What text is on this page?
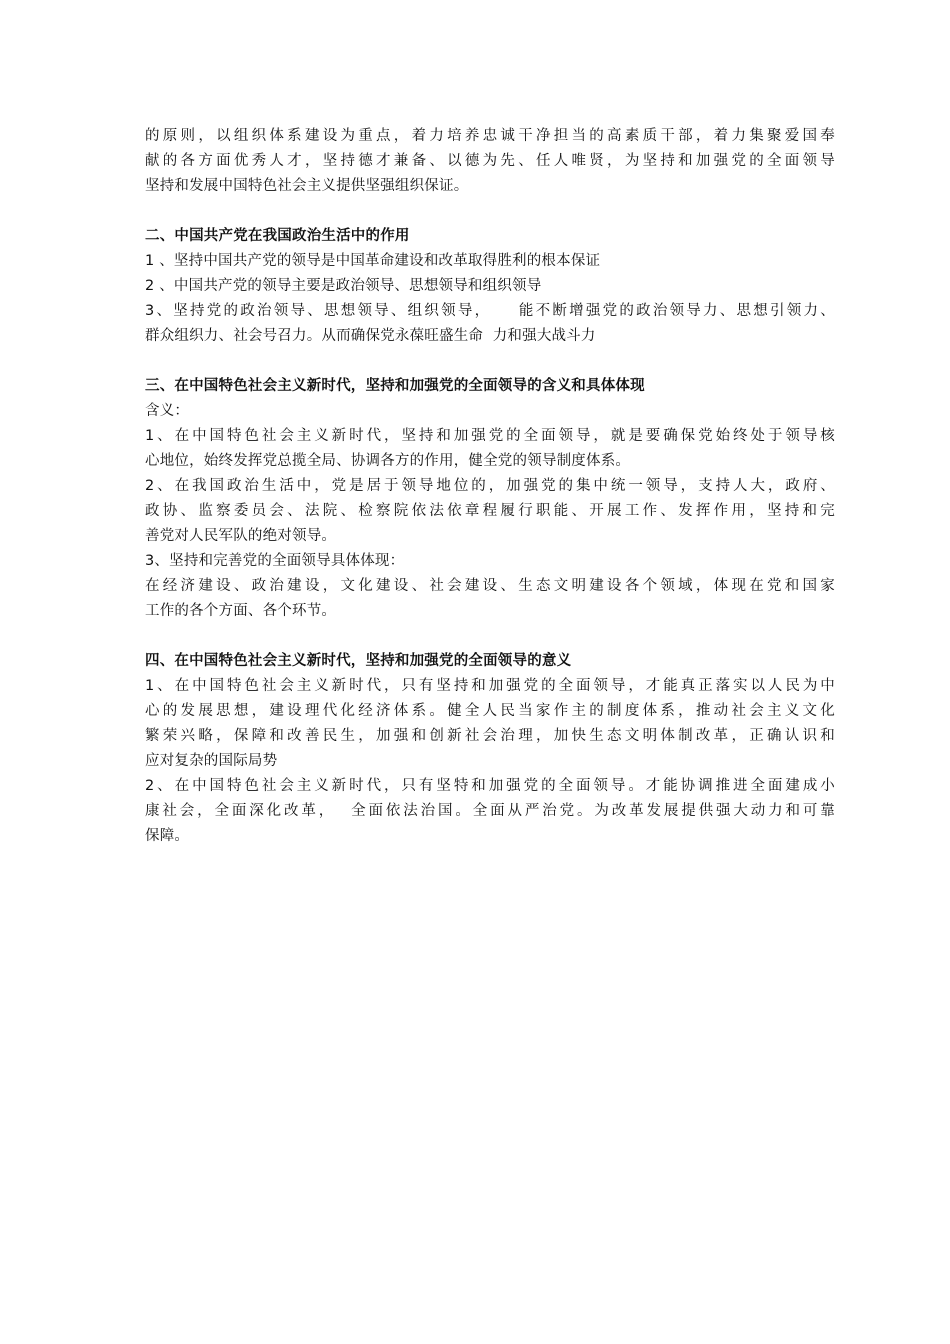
的原则，以组织体系建设为重点，着力培养忠诚干净担当的高素质干部，着力集聚爱国奉
献的各方面优秀人才，坚持德才兼备、以德为先、任人唯贤，为坚持和加强党的全面领导
坚持和发展中国特色社会主义提供坚强组织保证。
二、中国共产党在我国政治生活中的作用
1 、坚持中国共产党的领导是中国革命建设和改革取得胜利的根本保证
2 、中国共产党的领导主要是政治领导、思想领导和组织领导
3、坚持党的政治领导、思想领导、组织领导，    能不断增强党的政治领导力、思想引领力、
群众组织力、社会号召力。从而确保党永葆旺盛生命  力和强大战斗力
三、在中国特色社会主义新时代，坚持和加强党的全面领导的含义和具体体现
含义：
1、在中国特色社会主义新时代，坚持和加强党的全面领导，就是要确保党始终处于领导核
心地位，始终发挥党总揽全局、协调各方的作用，健全党的领导制度体系。
2、在我国政治生活中，党是居于领导地位的，加强党的集中统一领导，支持人大，政府、
政协、监察委员会、法院、检察院依法依章程履行职能、开展工作、发挥作用，坚持和完
善党对人民军队的绝对领导。
3、坚持和完善党的全面领导具体体现：
在经济建设、政治建设，文化建设、社会建设、生态文明建设各个领域，体现在党和国家
工作的各个方面、各个环节。
四、在中国特色社会主义新时代，坚持和加强党的全面领导的意义
1、在中国特色社会主义新时代，只有坚持和加强党的全面领导，才能真正落实以人民为中
心的发展思想，建设理代化经济体系。健全人民当家作主的制度体系，推动社会主义文化
繁荣兴略，保障和改善民生，加强和创新社会治理，加快生态文明体制改革，正确认识和
应对复杂的国际局势
2、在中国特色社会主义新时代，只有坚特和加强党的全面领导。才能协调推进全面建成小
康社会，全面深化改革，  全面依法治国。全面从严治党。为改革发展提供强大动力和可靠
保障。
